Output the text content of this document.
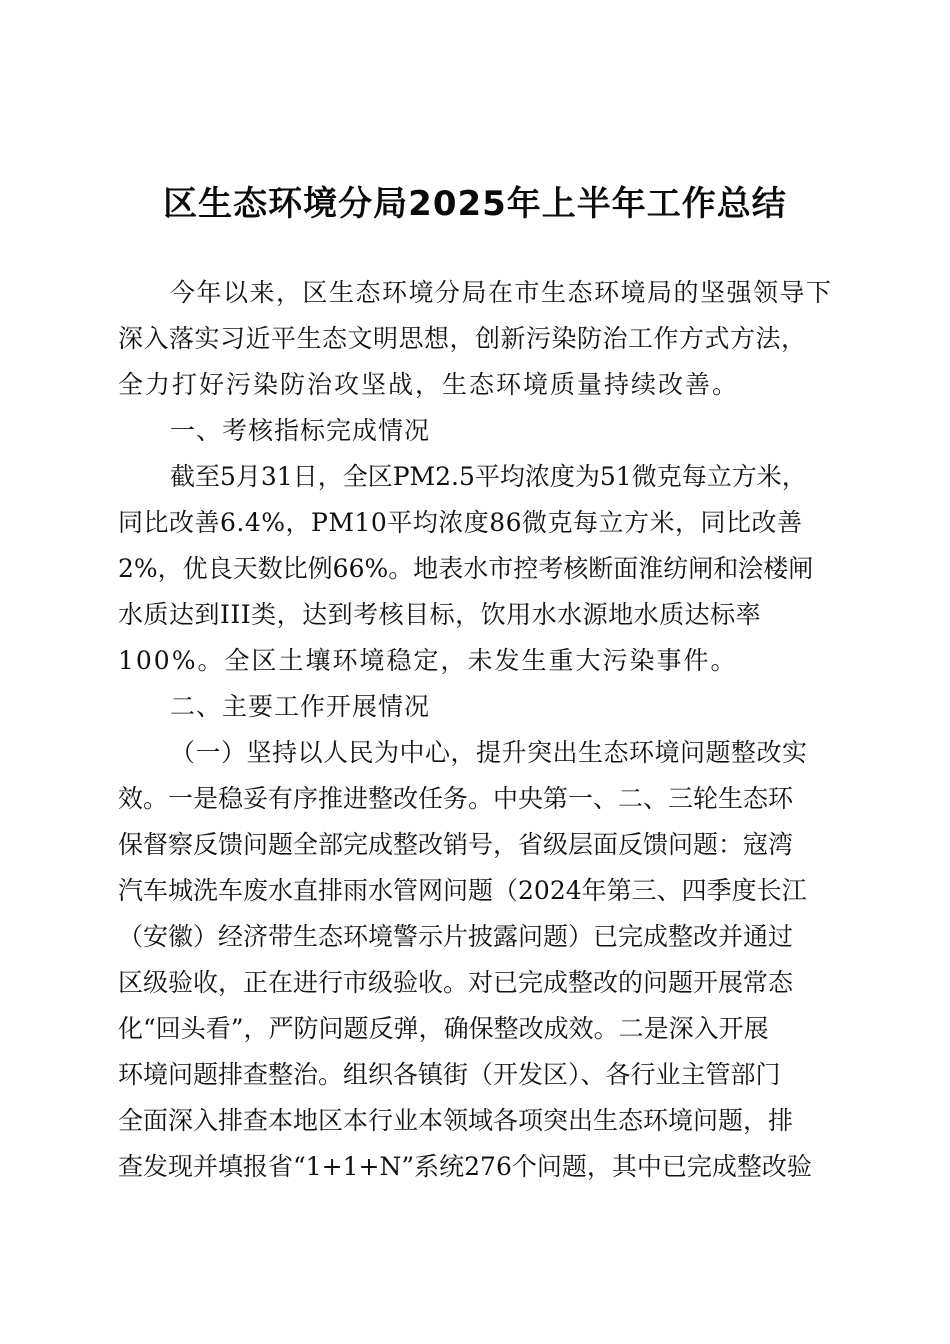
区生态环境分局2025年上半年工作总结
今年以来，区生态环境分局在市生态环境局的坚强领导下
深入落实习近平生态文明思想，创新污染防治工作方式方法，
全力打好污染防治攻坚战，生态环境质量持续改善。
一、考核指标完成情况
截至5月31日，全区PM2.5平均浓度为51微克每立方米，
同比改善6.4%，PM10平均浓度86微克每立方米，同比改善
2%，优良天数比例66%。地表水市控考核断面淮纺闸和浍楼闸
水质达到III类，达到考核目标，饮用水水源地水质达标率
100%。全区土壤环境稳定，未发生重大污染事件。
二、主要工作开展情况
（一）坚持以人民为中心，提升突出生态环境问题整改实
效。一是稳妥有序推进整改任务。中央第一、二、三轮生态环
保督察反馈问题全部完成整改销号，省级层面反馈问题：寇湾
汽车城洗车废水直排雨水管网问题（2024年第三、四季度长江
（安徽）经济带生态环境警示片披露问题）已完成整改并通过
区级验收，正在进行市级验收。对已完成整改的问题开展常态
化“回头看”，严防问题反弹，确保整改成效。二是深入开展
环境问题排查整治。组织各镇街（开发区）、各行业主管部门
全面深入排查本地区本行业本领域各项突出生态环境问题，排
查发现并填报省“1+1+N”系统276个问题，其中已完成整改验
